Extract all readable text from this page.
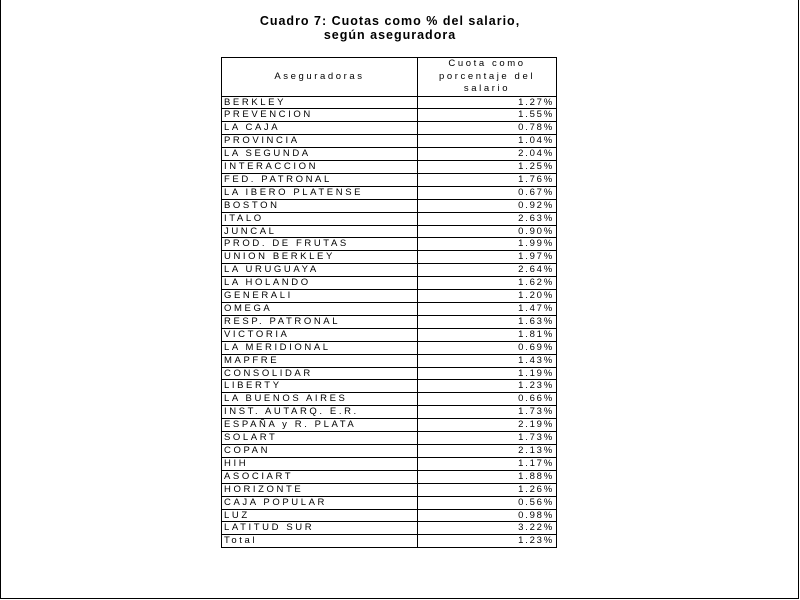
Cuadro 7: Cuotas como % del salario,
según aseguradora
Aseguradoras	Cuota como
porcentaje del
salario

BERKLEY	1.27%
PREVENCION	1.55%
LA CAJA	0.78%
PROVINCIA	1.04%
LA SEGUNDA	2.04%
INTERACCION	1.25%
FED. PATRONAL	1.76%
LA IBERO PLATENSE	0.67%
BOSTON	0.92%
ITALO	2.63%
JUNCAL	0.90%
PROD. DE FRUTAS	1.99%
UNION BERKLEY	1.97%
LA URUGUAYA	2.64%
LA HOLANDO	1.62%
GENERALI	1.20%
OMEGA	1.47%
RESP. PATRONAL	1.63%
VICTORIA	1.81%
LA MERIDIONAL	0.69%
MAPFRE	1.43%
CONSOLIDAR	1.19%
LIBERTY	1.23%
LA BUENOS AIRES	0.66%
INST. AUTARQ. E.R.	1.73%
ESPAÑA y R. PLATA	2.19%
SOLART	1.73%
COPAN	2.13%
HIH	1.17%
ASOCIART	1.88%
HORIZONTE	1.26%
CAJA POPULAR	0.56%
LUZ	0.98%
LATITUD SUR	3.22%
Total	1.23%
